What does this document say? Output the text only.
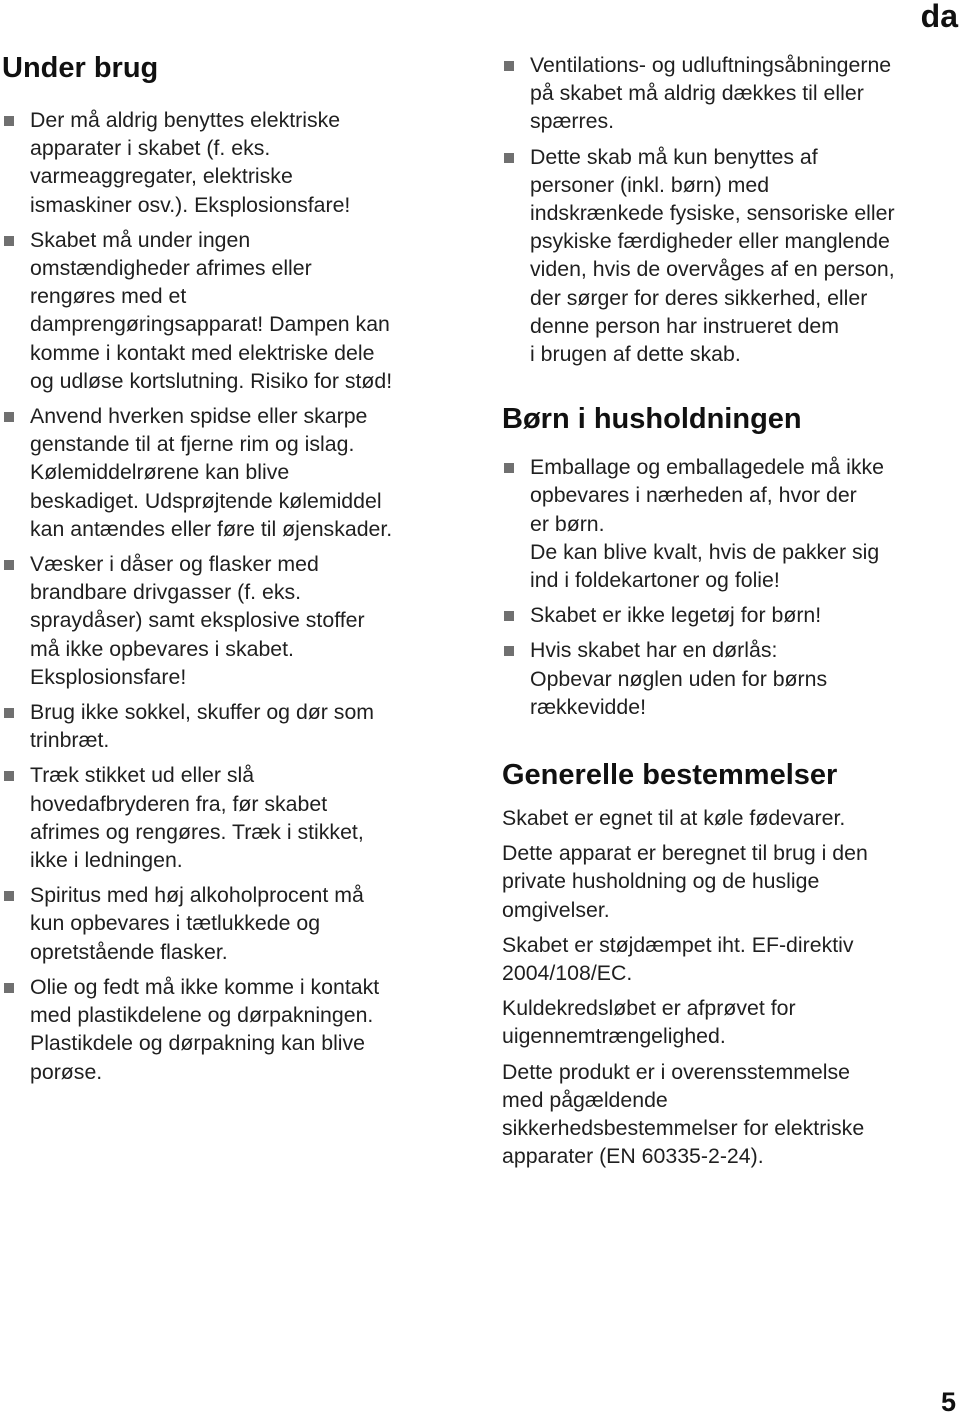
da
Under brug
Der må aldrig benyttes elektriske
apparater i skabet (f. eks.
varmeaggregater, elektriske
ismaskiner osv.). Eksplosionsfare!
Skabet må under ingen
omstændigheder afrimes eller
rengøres med et
damprengøringsapparat! Dampen kan
komme i kontakt med elektriske dele
og udløse kortslutning. Risiko for stød!
Anvend hverken spidse eller skarpe
genstande til at fjerne rim og islag.
Kølemiddelrørene kan blive
beskadiget. Udsprøjtende kølemiddel
kan antændes eller føre til øjenskader.
Væsker i dåser og flasker med
brandbare drivgasser (f. eks.
spraydåser) samt eksplosive stoffer
må ikke opbevares i skabet.
Eksplosionsfare!
Brug ikke sokkel, skuffer og dør som
trinbræt.
Træk stikket ud eller slå
hovedafbryderen fra, før skabet
afrimes og rengøres. Træk i stikket,
ikke i ledningen.
Spiritus med høj alkoholprocent må
kun opbevares i tætlukkede og
opretstående flasker.
Olie og fedt må ikke komme i kontakt
med plastikdelene og dørpakningen.
Plastikdele og dørpakning kan blive
porøse.
Ventilations- og udluftningsåbningerne
på skabet må aldrig dækkes til eller
spærres.
Dette skab må kun benyttes af
personer (inkl. børn) med
indskrænkede fysiske, sensoriske eller
psykiske færdigheder eller manglende
viden, hvis de overvåges af en person,
der sørger for deres sikkerhed, eller
denne person har instrueret dem
i brugen af dette skab.
Børn i husholdningen
Emballage og emballagedele må ikke
opbevares i nærheden af, hvor der
er børn.
De kan blive kvalt, hvis de pakker sig
ind i foldekartoner og folie!
Skabet er ikke legetøj for børn!
Hvis skabet har en dørlås:
Opbevar nøglen uden for børns
rækkevidde!
Generelle bestemmelser

Skabet er egnet til at køle fødevarer.

Dette apparat er beregnet til brug i den
private husholdning og de huslige
omgivelser.

Skabet er støjdæmpet iht. EF-direktiv
2004/108/EC.

Kuldekredsløbet er afprøvet for
uigennemtrængelighed.

Dette produkt er i overensstemmelse
med pågældende
sikkerhedsbestemmelser for elektriske
apparater (EN 60335-2-24).

5
